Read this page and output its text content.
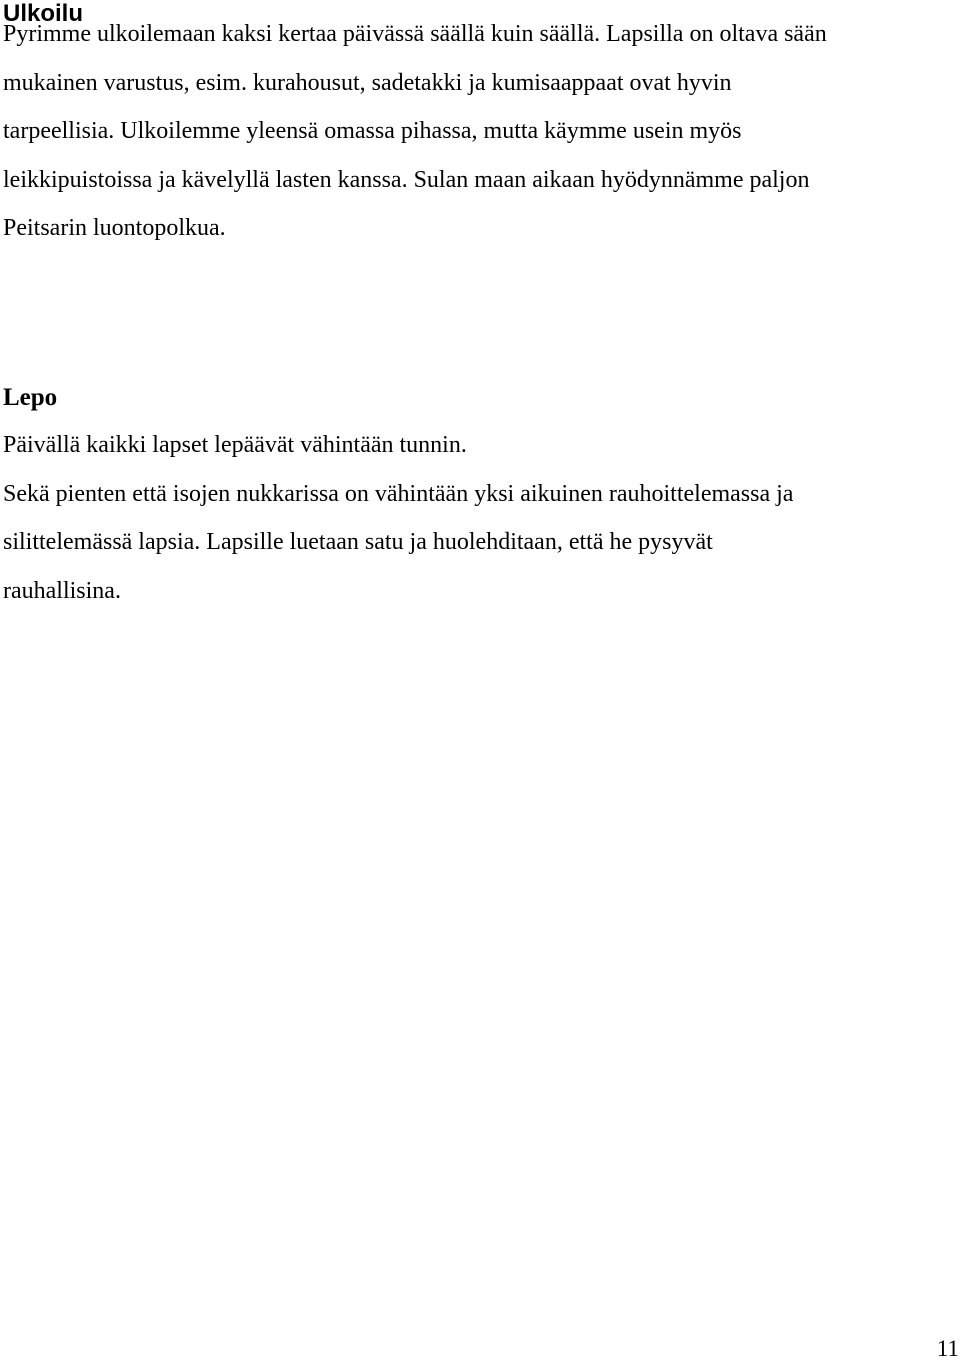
Ulkoilu
Pyrimme ulkoilemaan kaksi kertaa päivässä säällä kuin säällä. Lapsilla on oltava sään
mukainen varustus, esim. kurahousut, sadetakki ja kumisaappaat ovat hyvin
tarpeellisia. Ulkoilemme yleensä omassa pihassa, mutta käymme usein myös
leikkipuistoissa ja kävelyllä lasten kanssa. Sulan maan aikaan hyödynnämme paljon
Peitsarin luontopolkua.
Lepo
Päivällä kaikki lapset lepäävät vähintään tunnin.
Sekä pienten että isojen nukkarissa on vähintään yksi aikuinen rauhoittelemassa ja
silittelemässä lapsia. Lapsille luetaan satu ja huolehditaan, että he pysyvät
rauhallisina.
11
